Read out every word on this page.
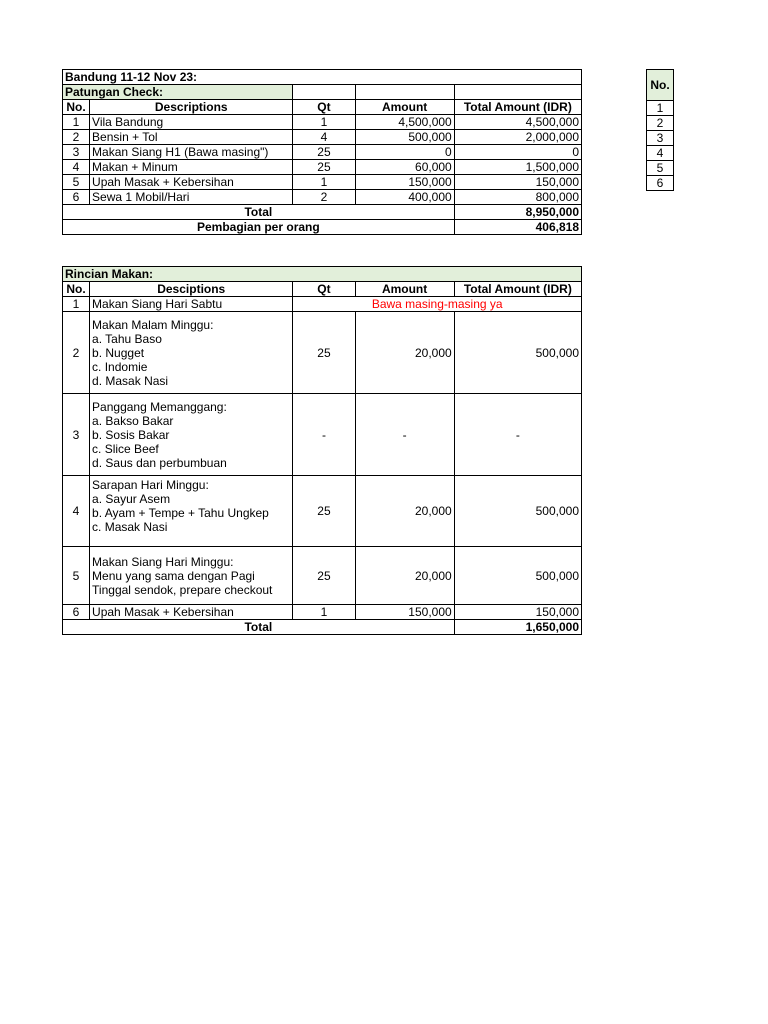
Bandung 11-12 Nov 23:				
Patungan Check:				
No.	Descriptions	Qt	Amount	Total Amount (IDR)
1	Vila Bandung	1	4,500,000	4,500,000
2	Bensin + Tol	4	500,000	2,000,000
3	Makan Siang H1 (Bawa masing")	25	0	0
4	Makan + Minum	25	60,000	1,500,000
5	Upah Masak + Kebersihan	1	150,000	150,000
6	Sewa 1 Mobil/Hari	2	400,000	800,000
Total				8,950,000
Pembagian per orang				406,818
Rincian Makan:				
No.	Desciptions	Qt	Amount	Total Amount (IDR)
1	Makan Siang Hari Sabtu	Bawa masing-masing ya		
2	Makan Malam Minggu:
a. Tahu Baso
b. Nugget
c. Indomie
d. Masak Nasi	25	20,000	500,000
3	Panggang Memanggang:
a. Bakso Bakar
b. Sosis Bakar
c. Slice Beef
d. Saus dan perbumbuan	-	-	-
4	Sarapan Hari Minggu:
a. Sayur Asem
b. Ayam + Tempe + Tahu Ungkep
c. Masak Nasi	25	20,000	500,000
5	Makan Siang Hari Minggu:
Menu yang sama dengan Pagi
Tinggal sendok, prepare checkout	25	20,000	500,000
6	Upah Masak + Kebersihan	1	150,000	150,000
Total				1,650,000
No.
1
2
3
4
5
6
